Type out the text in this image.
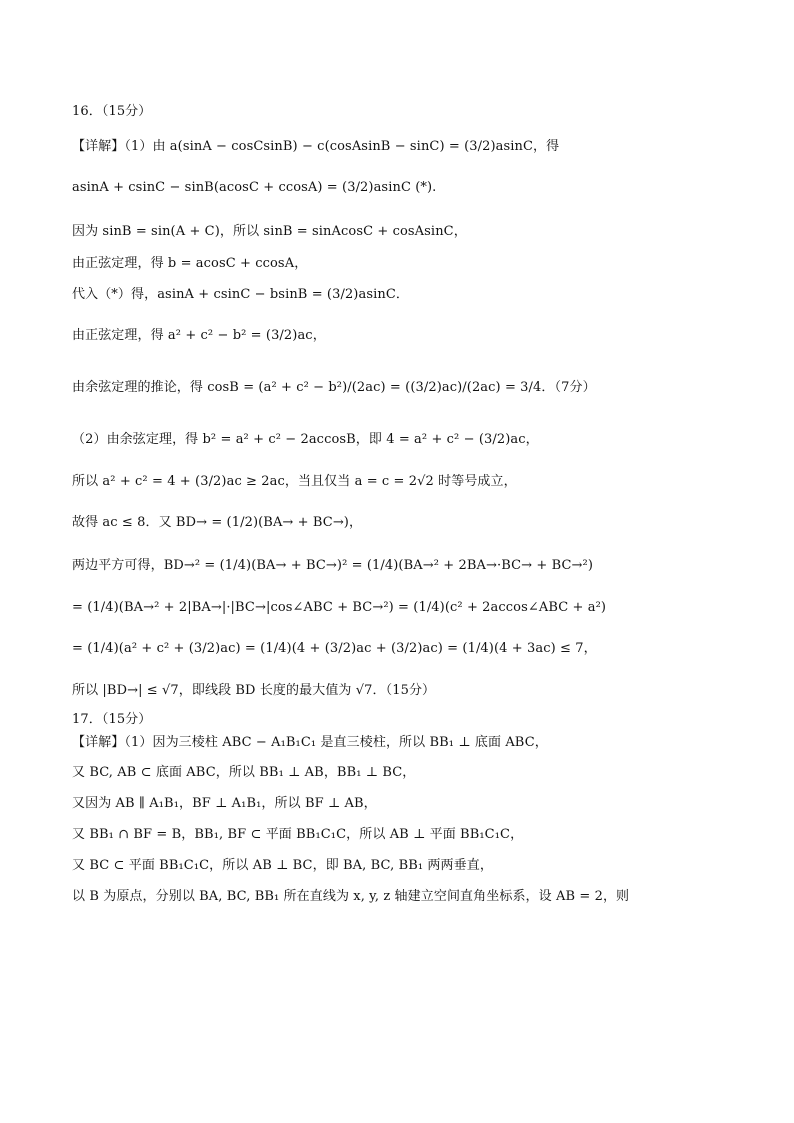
16．（15分）
【详解】（1）由 a(sinA − cosCsinB) − c(cosAsinB − sinC) = (3/2)asinC，得
asinA + csinC − sinB(acosC + ccosA) = (3/2)asinC (*).
因为 sinB = sin(A + C)，所以 sinB = sinAcosC + cosAsinC，
由正弦定理，得 b = acosC + ccosA，
代入（*）得，asinA + csinC − bsinB = (3/2)asinC．
由正弦定理，得 a² + c² − b² = (3/2)ac，
由余弦定理的推论，得 cosB = (a² + c² − b²)/(2ac) = ((3/2)ac)/(2ac) = 3/4．（7分）
（2）由余弦定理，得 b² = a² + c² − 2accosB，即 4 = a² + c² − (3/2)ac，
所以 a² + c² = 4 + (3/2)ac ≥ 2ac，当且仅当 a = c = 2√2 时等号成立，
故得 ac ≤ 8．又 BD→ = (1/2)(BA→ + BC→)，
两边平方可得，BD→² = (1/4)(BA→ + BC→)² = (1/4)(BA→² + 2BA→·BC→ + BC→²)
= (1/4)(BA→² + 2|BA→|·|BC→|cos∠ABC + BC→²) = (1/4)(c² + 2accos∠ABC + a²)
= (1/4)(a² + c² + (3/2)ac) = (1/4)(4 + (3/2)ac + (3/2)ac) = (1/4)(4 + 3ac) ≤ 7，
所以 |BD→| ≤ √7，即线段 BD 长度的最大值为 √7．（15分）
17．（15分）
【详解】（1）因为三棱柱 ABC − A₁B₁C₁ 是直三棱柱，所以 BB₁ ⊥ 底面 ABC，
又 BC, AB ⊂ 底面 ABC，所以 BB₁ ⊥ AB，BB₁ ⊥ BC，
又因为 AB ∥ A₁B₁，BF ⊥ A₁B₁，所以 BF ⊥ AB，
又 BB₁ ∩ BF = B，BB₁, BF ⊂ 平面 BB₁C₁C，所以 AB ⊥ 平面 BB₁C₁C，
又 BC ⊂ 平面 BB₁C₁C，所以 AB ⊥ BC，即 BA, BC, BB₁ 两两垂直，
以 B 为原点，分别以 BA, BC, BB₁ 所在直线为 x, y, z 轴建立空间直角坐标系，设 AB = 2，则
